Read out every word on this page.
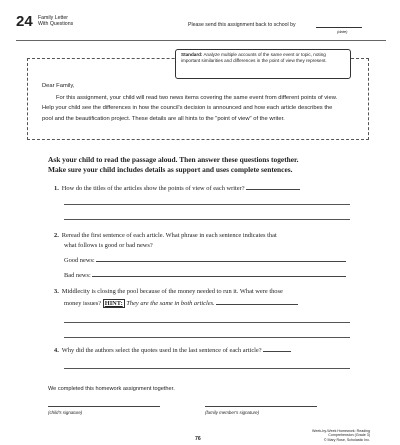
24 Family Letter
With Questions	Please send this assignment back to school by
(date)
Standard: Analyze multiple accounts of the same event or topic, noting important similarities and differences in the point of view they represent.
Dear Family,
For this assignment, your child will read two news items covering the same event from different points of view. Help your child see the differences in how the council's decision is announced and how each article describes the pool and the beautification project. These details are all hints to the "point of view" of the writer.
Ask your child to read the passage aloud. Then answer these questions together.
Make sure your child includes details as support and uses complete sentences.
1. How do the titles of the articles show the points of view of each writer?
2. Reread the first sentence of each article. What phrase in each sentence indicates that
what follows is good or bad news?
Good news:
Bad news:
3. Middlecity is closing the pool because of the money needed to run it. What were those
money issues? HINT: They are the same in both articles.
4. Why did the authors select the quotes used in the last sentence of each article?
We completed this homework assignment together.
(child's signature)	(family member's signature)
76
Week-by-Week Homework: Reading Comprehension (Grade 3)
© Mary Rose, Scholastic Inc.
